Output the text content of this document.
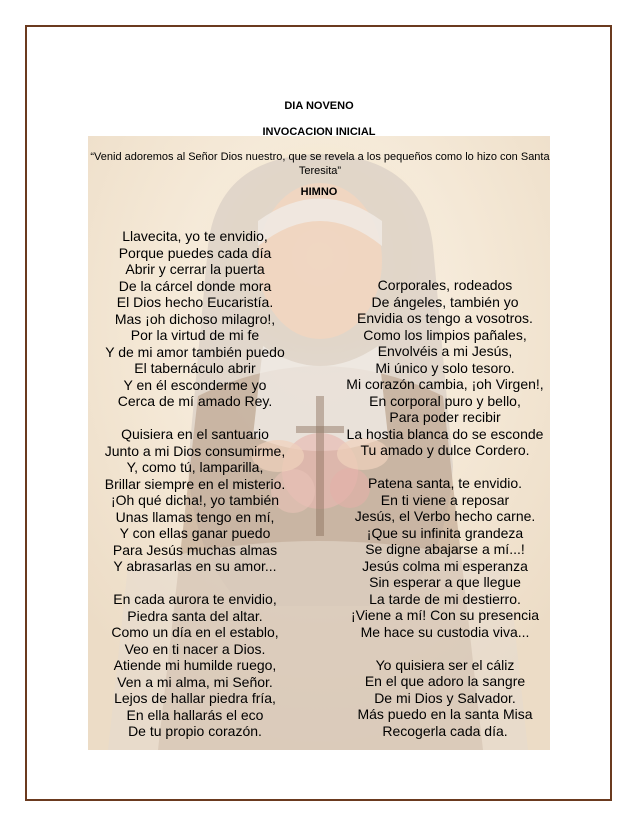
DIA NOVENO
INVOCACION INICIAL
“Venid adoremos al Señor Dios nuestro, que se revela a los pequeños como lo hizo con Santa Teresita”
HIMNO
Llavecita, yo te envidio,
Porque puedes cada día
Abrir y cerrar la puerta
De la cárcel donde mora
El Dios hecho Eucaristía.
Mas ¡oh dichoso milagro!,
Por la virtud de mi fe
Y de mi amor también puedo
El tabernáculo abrir
Y en él esconderme yo
Cerca de mí amado Rey.
Quisiera en el santuario
Junto a mi Dios consumirme,
Y, como tú, lamparilla,
Brillar siempre en el misterio.
¡Oh qué dicha!, yo también
Unas llamas tengo en mí,
Y con ellas ganar puedo
Para Jesús muchas almas
Y abrasarlas en su amor...
En cada aurora te envidio,
Piedra santa del altar.
Como un día en el establo,
Veo en ti nacer a Dios.
Atiende mi humilde ruego,
Ven a mi alma, mi Señor.
Lejos de hallar piedra fría,
En ella hallarás el eco
De tu propio corazón.
Corporales, rodeados
De ángeles, también yo
Envidia os tengo a vosotros.
Como los limpios pañales,
Envolvéis a mi Jesús,
Mi único y solo tesoro.
Mi corazón cambia, ¡oh Virgen!,
En corporal puro y bello,
Para poder recibir
La hostia blanca do se esconde
Tu amado y dulce Cordero.
Patena santa, te envidio.
En ti viene a reposar
Jesús, el Verbo hecho carne.
¡Que su infinita grandeza
Se digne abajarse a mí...!
Jesús colma mi esperanza
Sin esperar a que llegue
La tarde de mi destierro.
¡Viene a mí! Con su presencia
Me hace su custodia viva...
Yo quisiera ser el cáliz
En el que adoro la sangre
De mi Dios y Salvador.
Más puedo en la santa Misa
Recogerla cada día.
